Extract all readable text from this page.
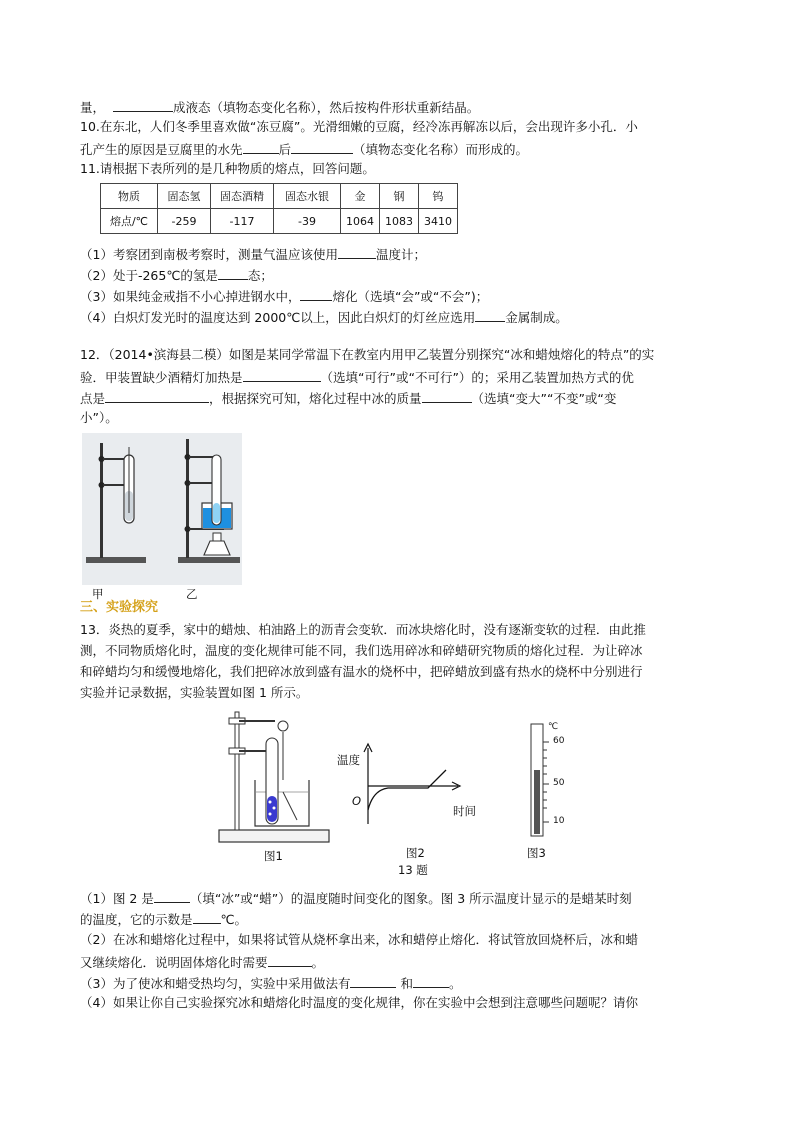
量，	成液态（填物态变化名称），然后按构件形状重新结晶。
10.在东北，人们冬季里喜欢做“冻豆腐”。光滑细嫩的豆腐，经冷冻再解冻以后，会出现许多小孔．小
孔产生的原因是豆腐里的水先	后	（填物态变化名称）而形成的。
11.请根据下表所列的是几种物质的熔点，回答问题。
物质	固态氢	固态酒精	固态水银	金	钢	钨
熔点/℃	-259	-117	-39	1064	1083	3410
（1）考察团到南极考察时，测量气温应该使用	温度计；
（2）处于-265℃的氢是 态；
（3）如果纯金戒指不小心掉进钢水中，	熔化（选填“会”或“不会”)；
（4）白炽灯发光时的温度达到 2000℃以上，因此白炽灯的灯丝应选用 金属制成。
12．（2014•滨海县二模）如图是某同学常温下在教室内用甲乙装置分别探究“冰和蜡烛熔化的特点”的实
验．甲装置缺少酒精灯加热是	（选填“可行”或“不可行”）的；采用乙装置加热方式的优
点是	，根据探究可知，熔化过程中冰的质量	（选填“变大”“不变”或“变
小”）。
甲	乙
三、实验探究
13．炎热的夏季，家中的蜡烛、柏油路上的沥青会变软．而冰块熔化时，没有逐渐变软的过程．由此推
测，不同物质熔化时，温度的变化规律可能不同，我们选用碎冰和碎蜡研究物质的熔化过程．为让碎冰
和碎蜡均匀和缓慢地熔化，我们把碎冰放到盛有温水的烧杯中，把碎蜡放到盛有热水的烧杯中分别进行
实验并记录数据，实验装置如图 1 所示。
温度
时间
O
℃
60
50
10
图1	图2	图3
13 题
（1）图 2 是	（填“冰”或“蜡”）的温度随时间变化的图象。图 3 所示温度计显示的是蜡某时刻
的温度，它的示数是 ℃。
（2）在冰和蜡熔化过程中，如果将试管从烧杯拿出来，冰和蜡停止熔化．将试管放回烧杯后，冰和蜡
又继续熔化．说明固体熔化时需要	。
（3）为了使冰和蜡受热均匀，实验中采用做法有	和	。
（4）如果让你自己实验探究冰和蜡熔化时温度的变化规律，你在实验中会想到注意哪些问题呢？请你
